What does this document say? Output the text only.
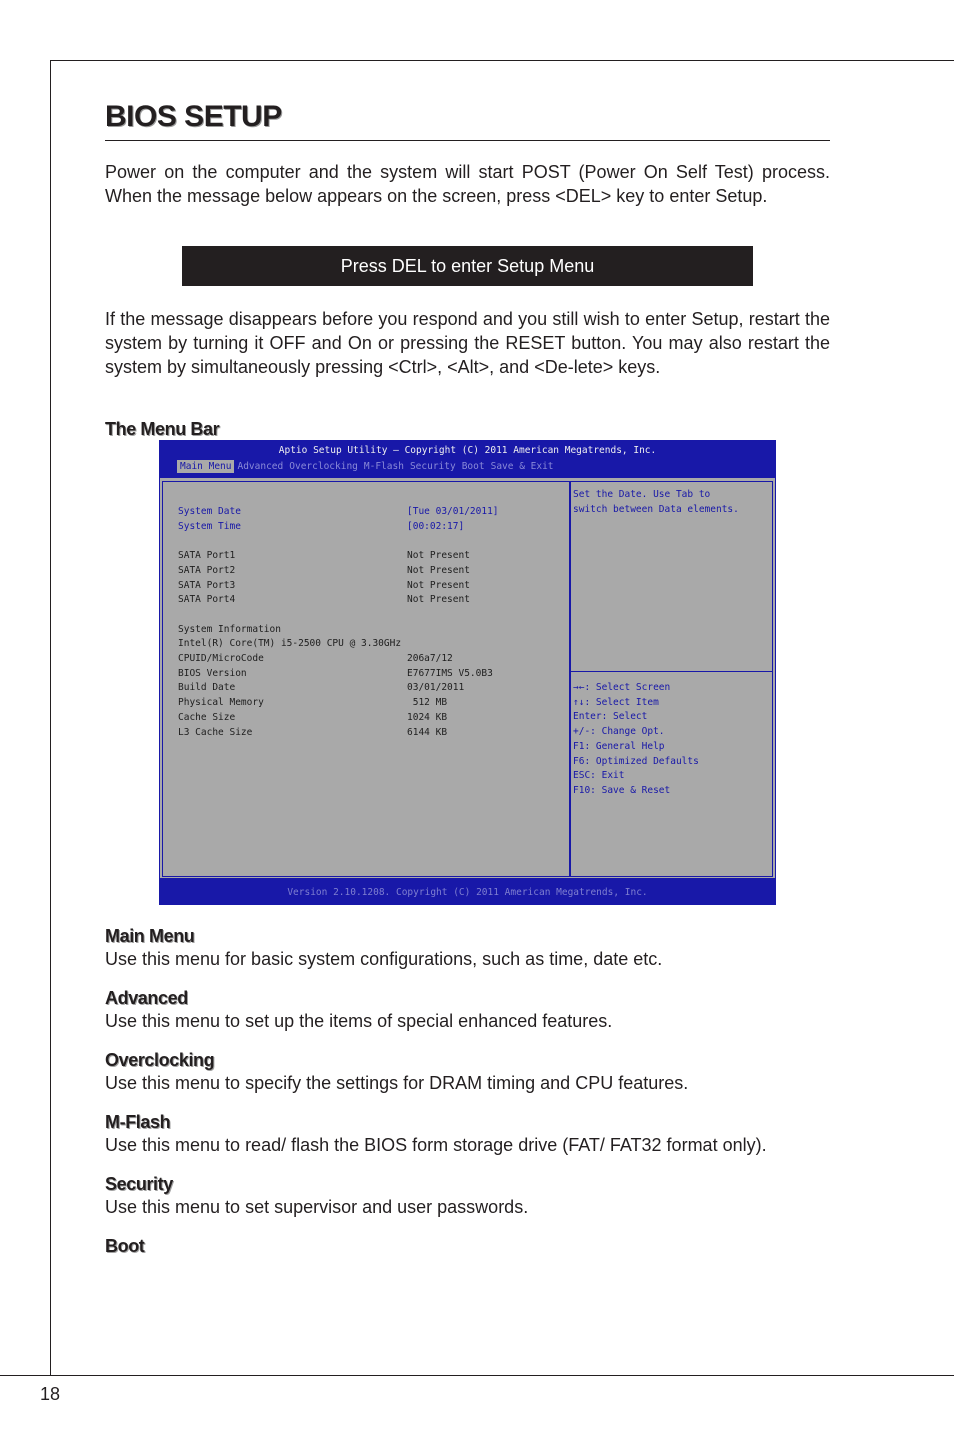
18
BIOS SETUP

Power on the computer and the system will start POST (Power On Self Test) process. When the message below appears on the screen, press <DEL> key to enter Setup.

Press DEL to enter Setup Menu

If the message disappears before you respond and you still wish to enter Setup, restart the system by turning it OFF and On or pressing the RESET button. You may also restart the system by simultaneously pressing <Ctrl>, <Alt>, and <De-lete> keys.

The Menu Bar
Main Menu

Use this menu for basic system configurations, such as time, date etc.

Advanced

Use this menu to set up the items of special enhanced features.

Overclocking

Use this menu to specify the settings for DRAM timing and CPU features.

M-Flash

Use this menu to read/ flash the BIOS form storage drive (FAT/ FAT32 format only).

Security

Use this menu to set supervisor and user passwords.

Boot
Aptio Setup Utility – Copyright (C) 2011 American Megatrends, Inc.
Main Menu Advanced Overclocking M-Flash Security Boot Save & Exit
System Date	[Tue 03/01/2011]
System Time	[00:02:17]
SATA Port1	Not Present
SATA Port2	Not Present
SATA Port3	Not Present
SATA Port4	Not Present
System Information
Intel(R) Core(TM) i5-2500 CPU @ 3.30GHz
CPUID/MicroCode	206a7/12
BIOS Version	E7677IMS V5.0B3
Build Date	03/01/2011
Physical Memory	512 MB
Cache Size	1024 KB
L3 Cache Size	6144 KB
Set the Date. Use Tab to
switch between Data elements.
→←: Select Screen
↑↓: Select Item
Enter: Select
+/-: Change Opt.
F1: General Help
F6: Optimized Defaults
ESC: Exit
F10: Save & Reset
Version 2.10.1208. Copyright (C) 2011 American Megatrends, Inc.
